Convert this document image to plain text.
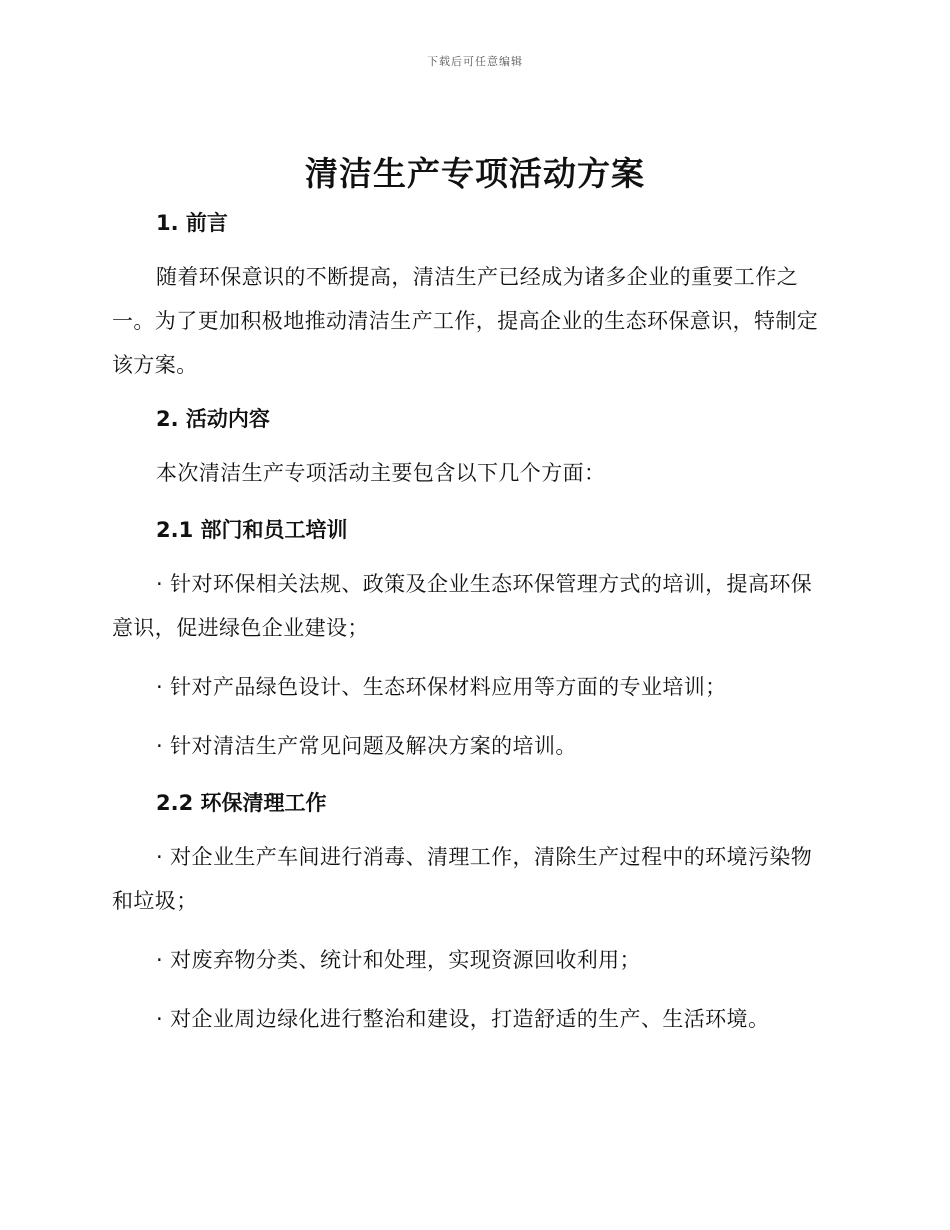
下载后可任意编辑
清洁生产专项活动方案
1. 前言
随着环保意识的不断提高，清洁生产已经成为诸多企业的重要工作之一。为了更加积极地推动清洁生产工作，提高企业的生态环保意识，特制定该方案。
2. 活动内容
本次清洁生产专项活动主要包含以下几个方面：
2.1 部门和员工培训
· 针对环保相关法规、政策及企业生态环保管理方式的培训，提高环保意识，促进绿色企业建设；
· 针对产品绿色设计、生态环保材料应用等方面的专业培训；
· 针对清洁生产常见问题及解决方案的培训。
2.2 环保清理工作
· 对企业生产车间进行消毒、清理工作，清除生产过程中的环境污染物和垃圾；
· 对废弃物分类、统计和处理，实现资源回收利用；
· 对企业周边绿化进行整治和建设，打造舒适的生产、生活环境。
